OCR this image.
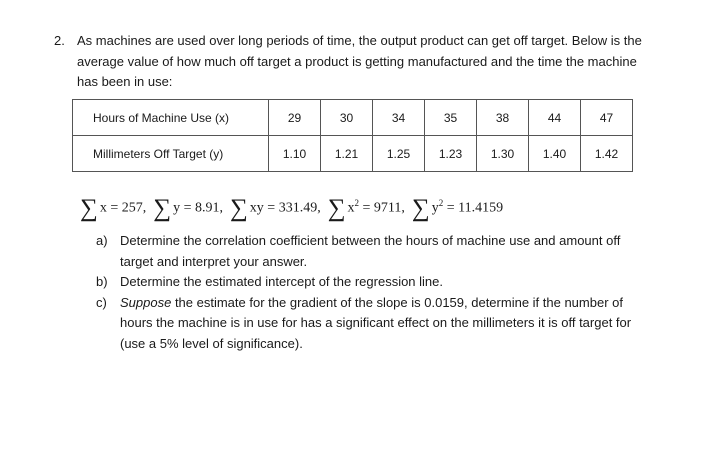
2. As machines are used over long periods of time, the output product can get off target. Below is the average value of how much off target a product is getting manufactured and the time the machine has been in use:
Hours of Machine Use (x)	29	30	34	35	38	44	47
Millimeters Off Target (y)	1.10	1.21	1.25	1.23	1.30	1.40	1.42
∑ x = 257, ∑ y = 8.91, ∑ xy = 331.49, ∑ $x^2 = 9711$, ∑ $y^2 = 11.4159$
a) Determine the correlation coefficient between the hours of machine use and amount off target and interpret your answer.
b) Determine the estimated intercept of the regression line.
c)	Suppose the estimate for the gradient of the slope is 0.0159, determine if the number of hours the machine is in use for has a significant effect on the millimeters it is off target for (use a 5% level of significance).
